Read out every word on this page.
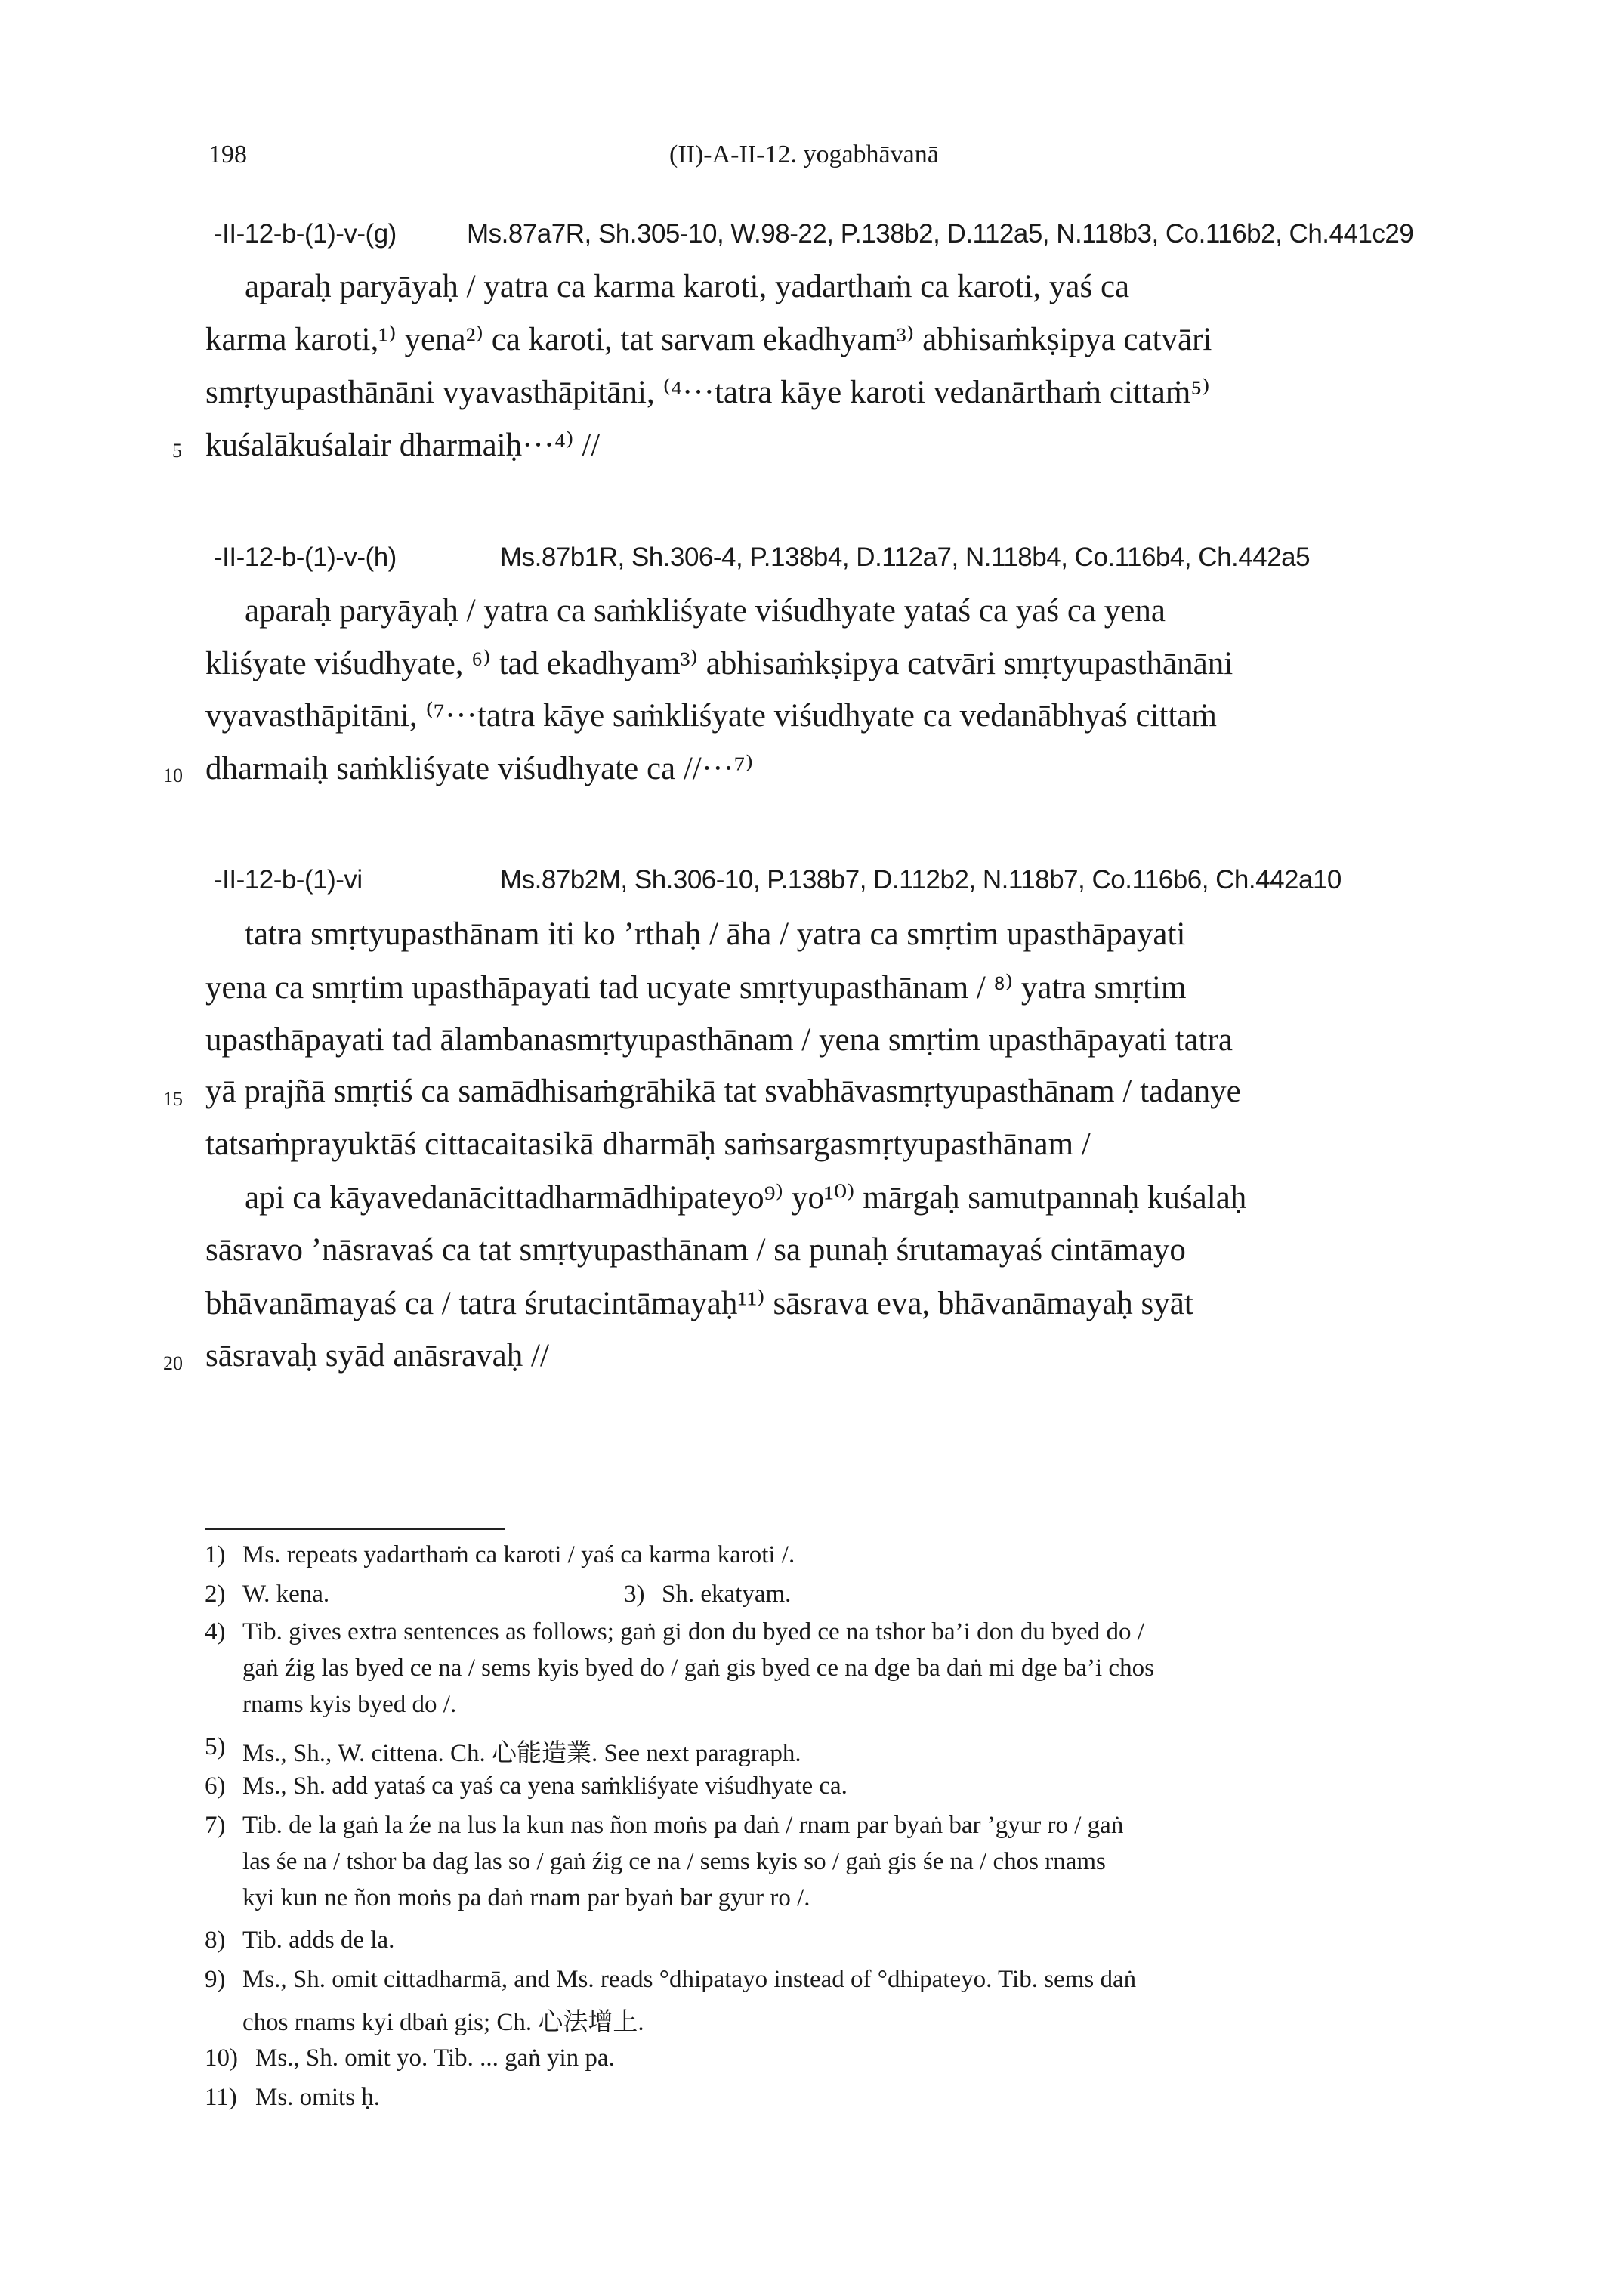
198	(II)-A-II-12. yogabhāvanā
-II-12-b-(1)-v-(g)	Ms.87a7R, Sh.305-10, W.98-22, P.138b2, D.112a5, N.118b3, Co.116b2, Ch.441c29
aparaḥ paryāyaḥ / yatra ca karma karoti, yadarthaṁ ca karoti, yaś ca
karma karoti,¹⁾ yena²⁾ ca karoti, tat sarvam ekadhyam³⁾ abhisaṁkṣipya catvāri
smṛtyupasthānāni vyavasthāpitāni, ⁽⁴···tatra kāye karoti vedanārthaṁ cittaṁ⁵⁾
5 kuśalākuśalair dharmaiḥ···⁴⁾ //
-II-12-b-(1)-v-(h)	Ms.87b1R, Sh.306-4, P.138b4, D.112a7, N.118b4, Co.116b4, Ch.442a5
aparaḥ paryāyaḥ / yatra ca saṁkliśyate viśudhyate yataś ca yaś ca yena
kliśyate viśudhyate, ⁶⁾ tad ekadhyam³⁾ abhisaṁkṣipya catvāri smṛtyupasthānāni
vyavasthāpitāni, ⁽⁷···tatra kāye saṁkliśyate viśudhyate ca vedanābhyaś cittaṁ
10 dharmaiḥ saṁkliśyate viśudhyate ca //···⁷⁾
-II-12-b-(1)-vi	Ms.87b2M, Sh.306-10, P.138b7, D.112b2, N.118b7, Co.116b6, Ch.442a10
tatra smṛtyupasthānam iti ko ’rthaḥ / āha / yatra ca smṛtim upasthāpayati
yena ca smṛtim upasthāpayati tad ucyate smṛtyupasthānam / ⁸⁾ yatra smṛtim
upasthāpayati tad ālambanasmṛtyupasthānam / yena smṛtim upasthāpayati tatra
15 yā prajñā smṛtiś ca samādhisaṁgrāhikā tat svabhāvasmṛtyupasthānam / tadanye
tatsaṁprayuktāś cittacaitasikā dharmāḥ saṁsargasmṛtyupasthānam /
api ca kāyavedanācittadharmādhipateyo⁹⁾ yo¹⁰⁾ mārgaḥ samutpannaḥ kuśalaḥ
sāsravo ’nāsravaś ca tat smṛtyupasthānam / sa punaḥ śrutamayaś cintāmayo
bhāvanāmayaś ca / tatra śrutacintāmayaḥ¹¹⁾ sāsrava eva, bhāvanāmayaḥ syāt
20 sāsravaḥ syād anāsravaḥ //
1) Ms. repeats yadarthaṁ ca karoti / yaś ca karma karoti /.
2) W. kena.	3) Sh. ekatyam.
4) Tib. gives extra sentences as follows; gaṅ gi don du byed ce na tshor ba’i don du byed do /
gaṅ źig las byed ce na / sems kyis byed do / gaṅ gis byed ce na dge ba daṅ mi dge ba’i chos
rnams kyis byed do /.
5) Ms., Sh., W. cittena. Ch. 心能造業. See next paragraph.
6) Ms., Sh. add yataś ca yaś ca yena saṁkliśyate viśudhyate ca.
7) Tib. de la gaṅ la źe na lus la kun nas ñon moṅs pa daṅ / rnam par byaṅ bar ’gyur ro / gaṅ
las śe na / tshor ba dag las so / gaṅ źig ce na / sems kyis so / gaṅ gis śe na / chos rnams
kyi kun ne ñon moṅs pa daṅ rnam par byaṅ bar gyur ro /.
8) Tib. adds de la.
9) Ms., Sh. omit cittadharmā, and Ms. reads °dhipatayo instead of °dhipateyo. Tib. sems daṅ
chos rnams kyi dbaṅ gis; Ch. 心法增上.
10) Ms., Sh. omit yo. Tib. ... gaṅ yin pa.
11) Ms. omits ḥ.
